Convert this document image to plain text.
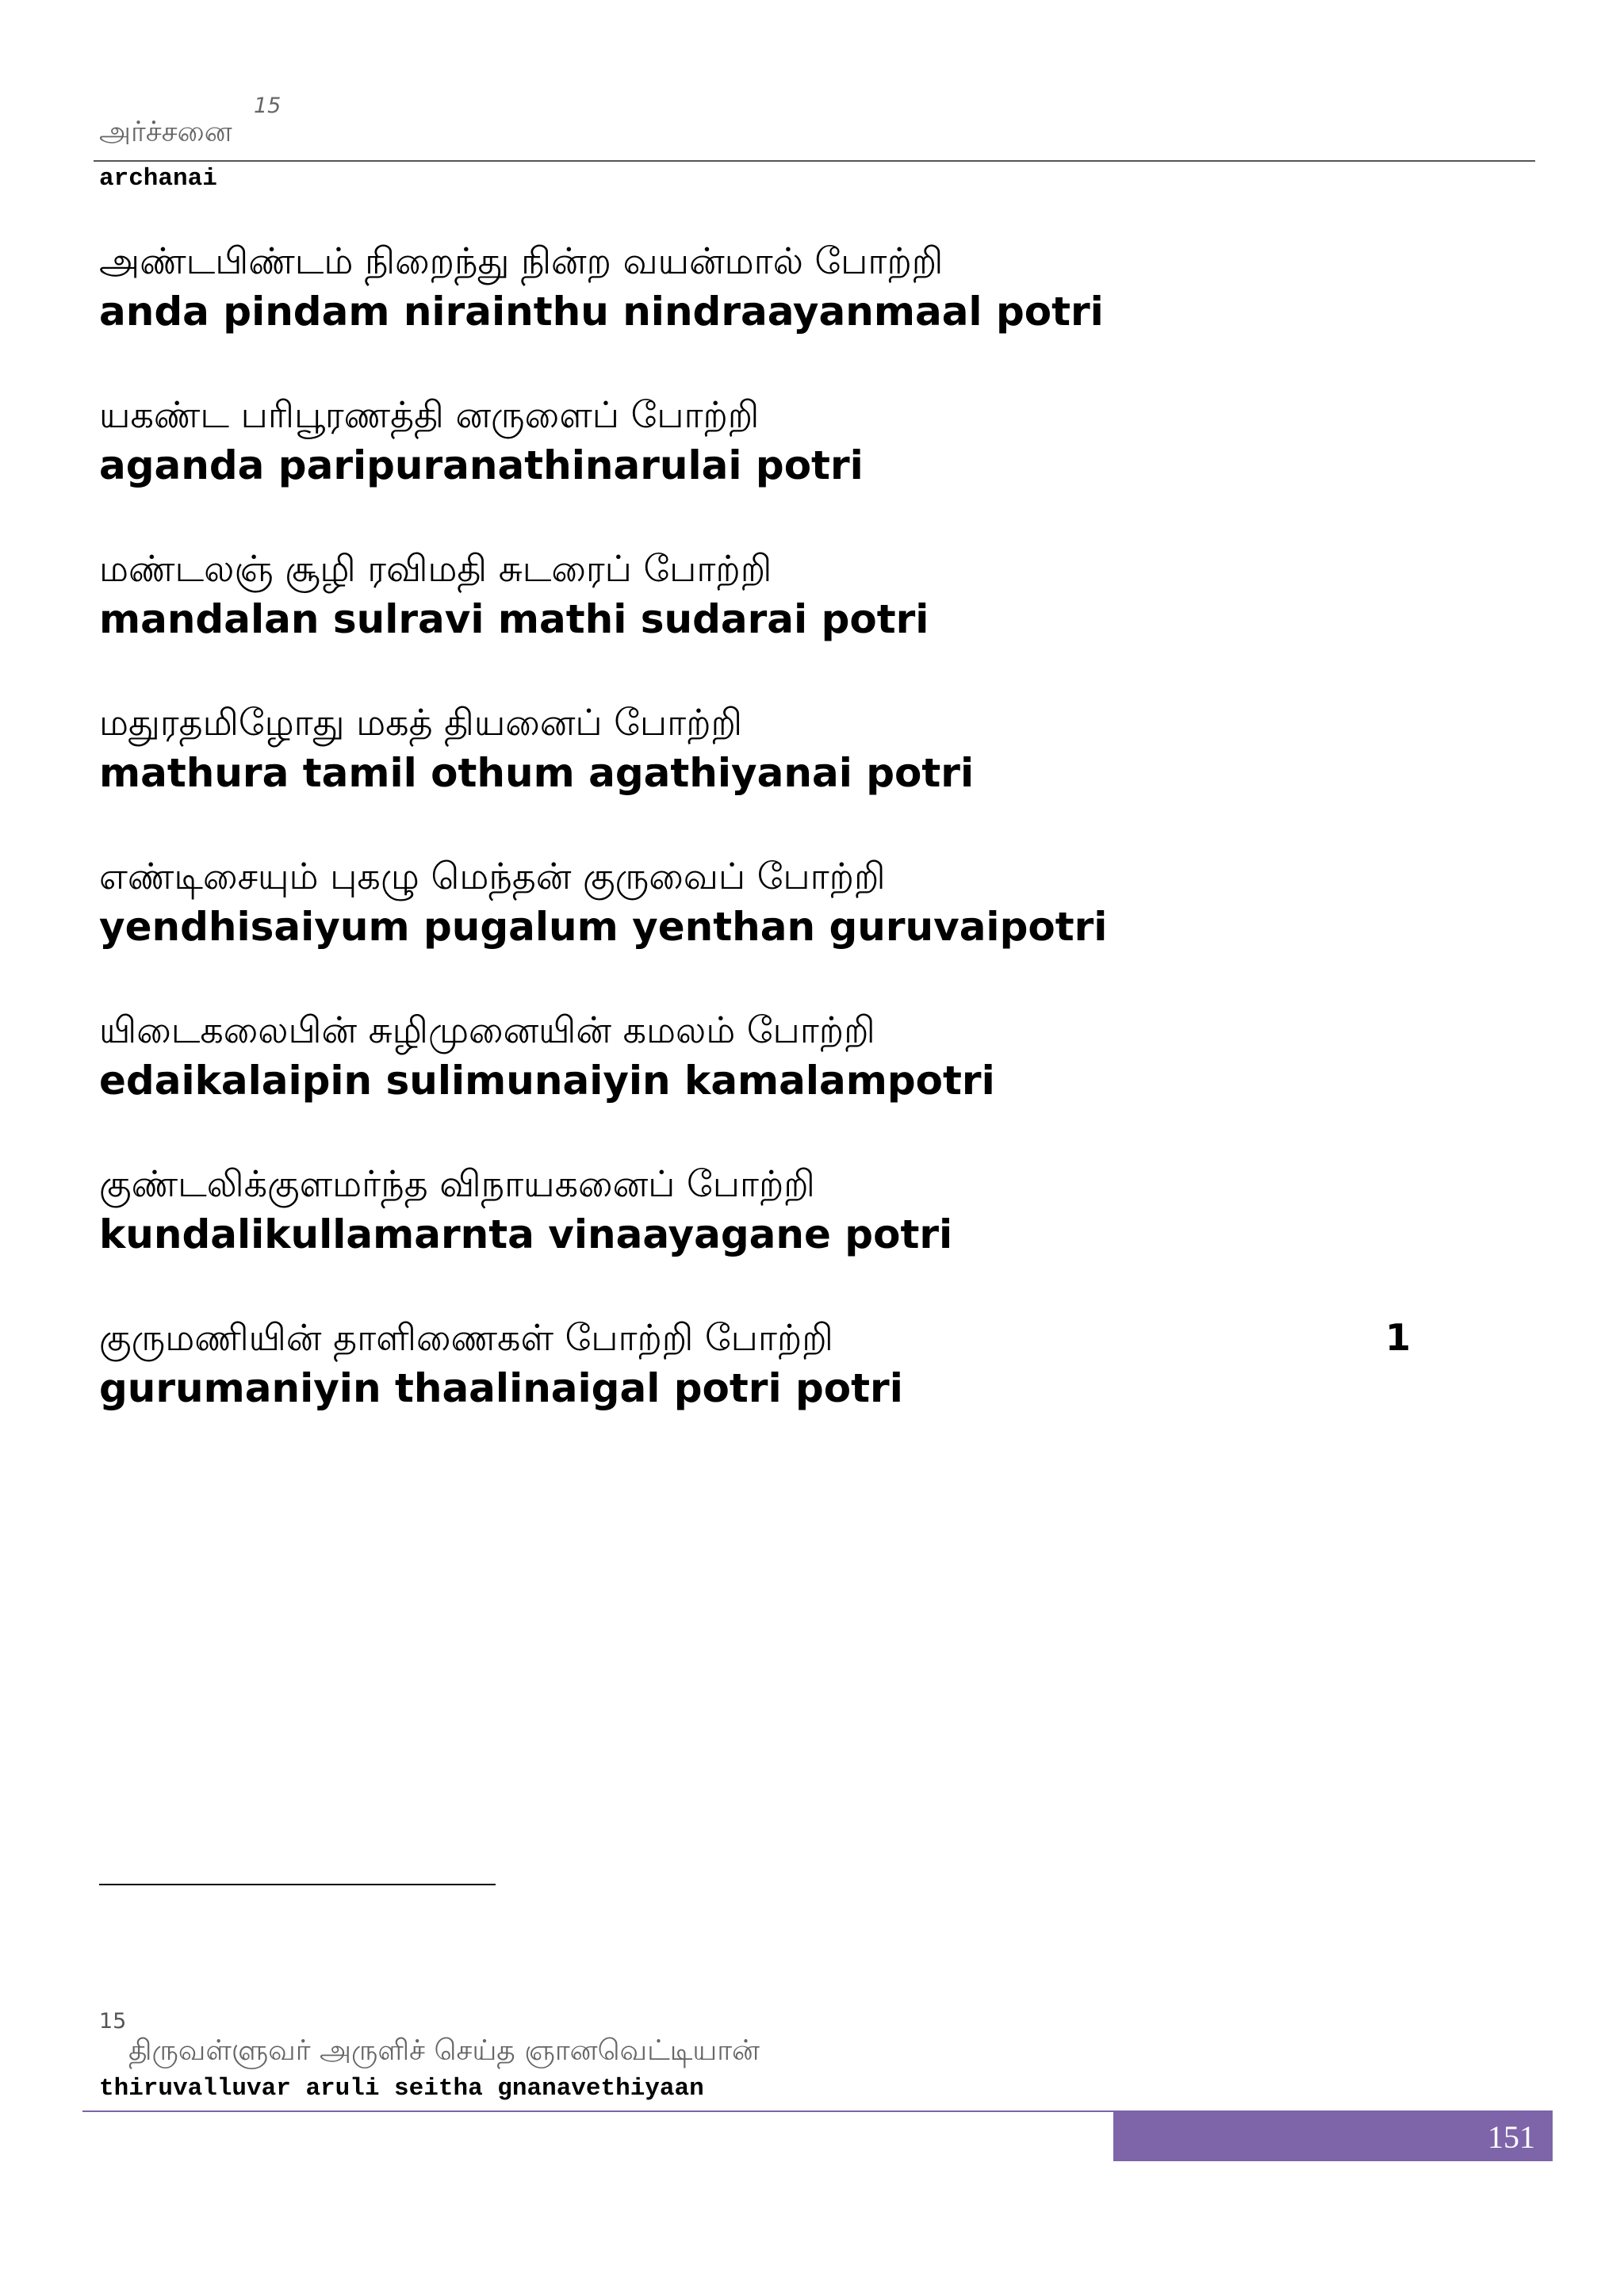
அர்ச்சனை
15
archanai
அண்டபிண்டம் நிறைந்து நின்ற வயன்மால் போற்றி
anda pindam nirainthu nindraayanmaal potri
யகண்ட பரிபூரணத்தி னருளைப் போற்றி
aganda paripuranathinarulai potri
மண்டலஞ் சூழி ரவிமதி சுடரைப் போற்றி
mandalan sulravi mathi sudarai potri
மதுரதமிழோது மகத் தியனைப் போற்றி
mathura tamil othum agathiyanai potri
எண்டிசையும் புகழு மெந்தன் குருவைப் போற்றி
yendhisaiyum pugalum yenthan guruvaipotri
யிடைகலைபின் சுழிமுனையின் கமலம் போற்றி
edaikalaipin sulimunaiyin kamalampotri
குண்டலிக்குளமர்ந்த விநாயகனைப் போற்றி
kundalikullamarnta vinaayagane potri
குருமணியின் தாளிணைகள் போற்றி போற்றி
gurumaniyin thaalinaigal potri potri
1
15
திருவள்ளுவர் அருளிச் செய்த ஞானவெட்டியான்
thiruvalluvar aruli seitha gnanavethiyaan
151
